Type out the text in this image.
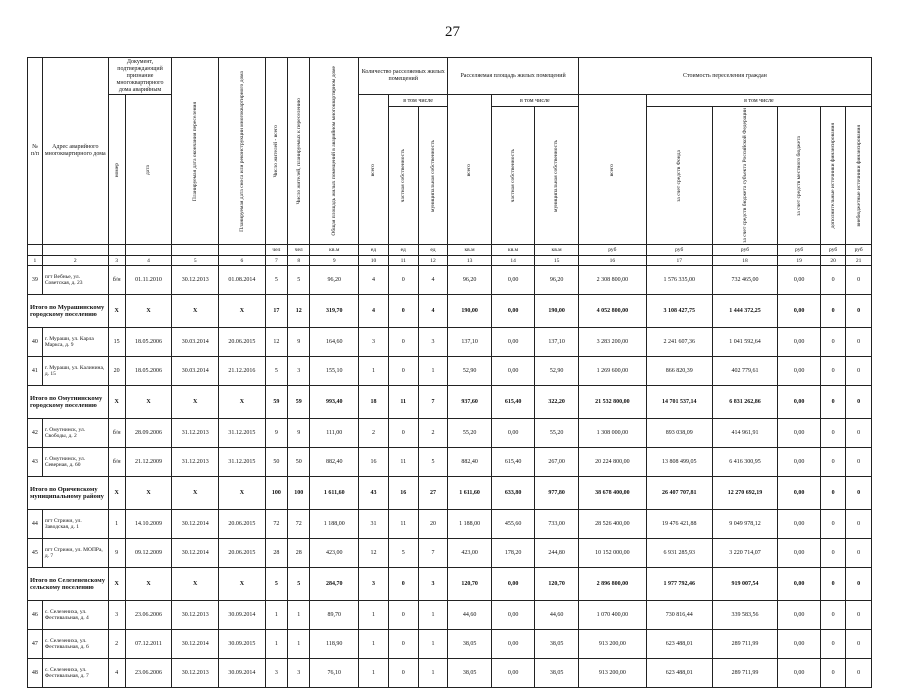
27
№ п/п	Адрес аварийного многоквартирного дома	Документ, подтверждающий признание многоквартирного дома аварийным		Планируемая дата окончания переселения	Планируемая дата сноса или реконструкции многоквартирного дома	Число жителей - всего	Число жителей, планируемых к переселению	Общая площадь жилых помещений в аварийном многоквартирном доме	Количество расселяемых жилых помещений			Расселяемая площадь жилых помещений			Стоимость переселения граждан					

		номер	дата						всего	в том числе		всего	в том числе		всего	в том числе				

										частная собственность	муниципальная собственность		частная собственность	муниципальная собственность		за счет средств Фонда	за счет средств бюджета субъекта Российской Федерации	за счет средств местного бюджета	дополнительные источники финансирования	внебюджетные источники финансирования

						чел	чел	кв.м	ед	ед	ед	кв.м	кв.м	кв.м	руб	руб	руб	руб	руб	руб
1	2	3	4	5	6	7	8	9	10	11	12	13	14	15	16	17	18	19	20	21
39	пгт Вебнье, ул. Советская, д. 23	б/н	01.11.2010	30.12.2013	01.08.2014	5	5	96,20	4	0	4	96,20	0,00	96,20	2 308 800,00	1 576 335,00	732 465,00	0,00	0	0
Итого по Мурашинскому городскому поселению		X	X	X	X	17	12	319,70	4	0	4	190,00	0,00	190,00	4 052 800,00	3 108 427,75	1 444 372,25	0,00	0	0
40	г. Мураши, ул. Карла Маркса, д. 9	15	18.05.2006	30.03.2014	20.06.2015	12	9	164,60	3	0	3	137,10	0,00	137,10	3 283 200,00	2 241 607,36	1 041 592,64	0,00	0	0
41	г. Мураши, ул. Калинина, д. 15	20	18.05.2006	30.03.2014	21.12.2016	5	3	155,10	1	0	1	52,90	0,00	52,90	1 269 600,00	866 820,39	402 779,61	0,00	0	0
Итого по Омутнинскому городскому поселению		X	X	X	X	59	59	993,40	18	11	7	937,60	615,40	322,20	21 532 800,00	14 701 537,14	6 831 262,86	0,00	0	0
42	г. Омутнинск, ул. Свободы, д. 2	б/н	28.09.2006	31.12.2013	31.12.2015	9	9	111,00	2	0	2	55,20	0,00	55,20	1 308 000,00	893 038,09	414 961,91	0,00	0	0
43	г. Омутнинск, ул. Северная, д. 60	б/н	21.12.2009	31.12.2013	31.12.2015	50	50	882,40	16	11	5	882,40	615,40	267,00	20 224 800,00	13 808 499,05	6 416 300,95	0,00	0	0
Итого по Оричевскому муниципальному району		X	X	X	X	100	100	1 611,60	43	16	27	1 611,60	633,80	977,80	38 678 400,00	26 407 707,81	12 270 692,19	0,00	0	0
44	пгт Стрижи, ул. Заводская, д. 1	1	14.10.2009	30.12.2014	20.06.2015	72	72	1 188,00	31	11	20	1 188,00	455,60	733,00	28 526 400,00	19 476 421,88	9 049 978,12	0,00	0	0
45	пгт Стрижи, ул. МОПРа, д. 7	9	09.12.2009	30.12.2014	20.06.2015	28	28	423,00	12	5	7	423,00	178,20	244,80	10 152 000,00	6 931 285,93	3 220 714,07	0,00	0	0
Итого по Селезеневскому сельскому поселению		X	X	X	X	5	5	284,70	3	0	3	120,70	0,00	120,70	2 896 800,00	1 977 792,46	919 007,54	0,00	0	0
46	с. Селезениха, ул. Фестивальная, д. 4	3	23.06.2006	30.12.2013	30.09.2014	1	1	89,70	1	0	1	44,60	0,00	44,60	1 070 400,00	730 816,44	339 583,56	0,00	0	0
47	с. Селезениха, ул. Фестивальная, д. 6	2	07.12.2011	30.12.2014	30.09.2015	1	1	118,90	1	0	1	38,05	0,00	38,05	913 200,00	623 488,01	289 711,99	0,00	0	0
48	с. Селезениха, ул. Фестивальная, д. 7	4	23.06.2006	30.12.2013	30.09.2014	3	3	76,10	1	0	1	38,05	0,00	38,05	913 200,00	623 488,01	289 711,99	0,00	0	0
